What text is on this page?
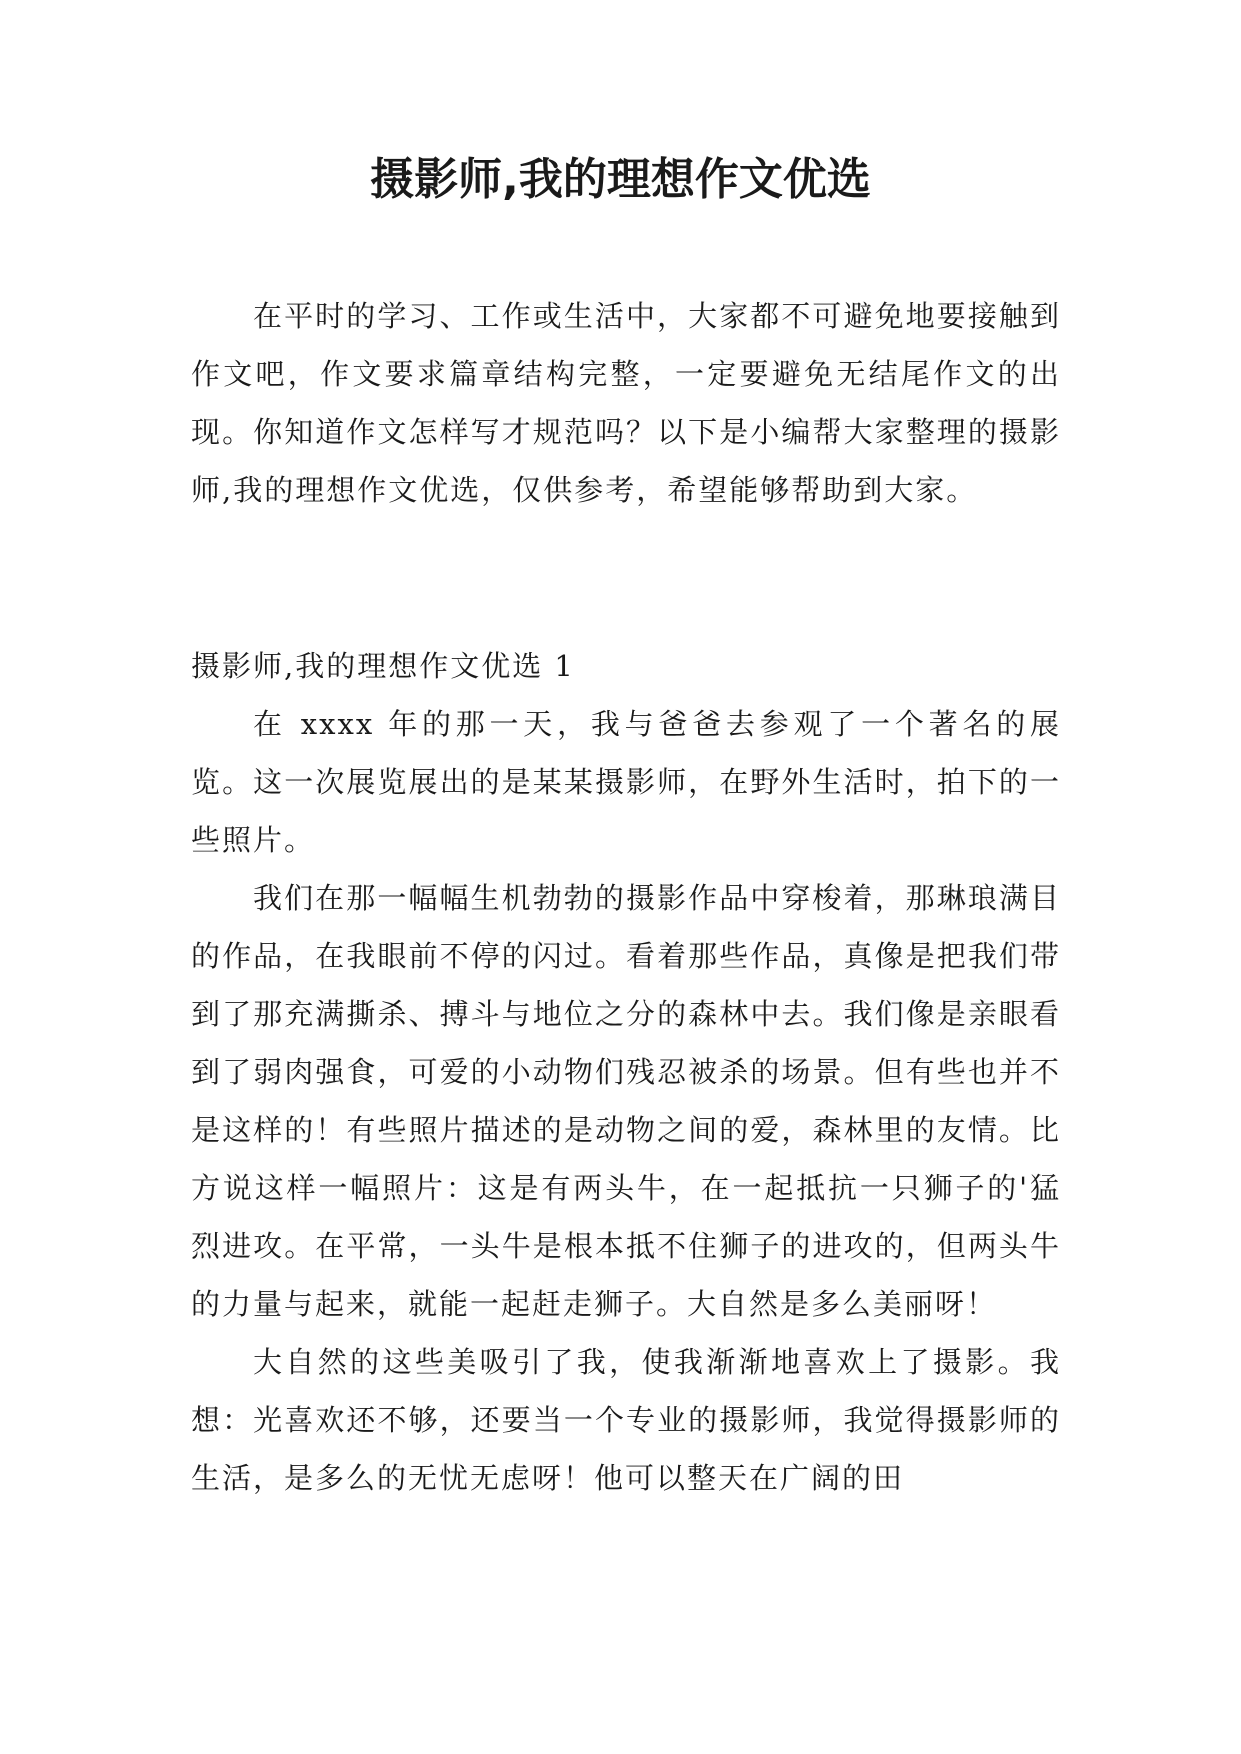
摄影师,我的理想作文优选

在平时的学习、工作或生活中，大家都不可避免地要接触到作文吧，作文要求篇章结构完整，一定要避免无结尾作文的出现。你知道作文怎样写才规范吗？以下是小编帮大家整理的摄影师,我的理想作文优选，仅供参考，希望能够帮助到大家。

摄影师,我的理想作文优选 1

在 xxxx 年的那一天，我与爸爸去参观了一个著名的展览。这一次展览展出的是某某摄影师，在野外生活时，拍下的一些照片。

我们在那一幅幅生机勃勃的摄影作品中穿梭着，那琳琅满目的作品，在我眼前不停的闪过。看着那些作品，真像是把我们带到了那充满撕杀、搏斗与地位之分的森林中去。我们像是亲眼看到了弱肉强食，可爱的小动物们残忍被杀的场景。但有些也并不是这样的！有些照片描述的是动物之间的爱，森林里的友情。比方说这样一幅照片：这是有两头牛，在一起抵抗一只狮子的'猛烈进攻。在平常，一头牛是根本抵不住狮子的进攻的，但两头牛的力量与起来，就能一起赶走狮子。大自然是多么美丽呀！

大自然的这些美吸引了我，使我渐渐地喜欢上了摄影。我想：光喜欢还不够，还要当一个专业的摄影师，我觉得摄影师的生活，是多么的无忧无虑呀！他可以整天在广阔的田
